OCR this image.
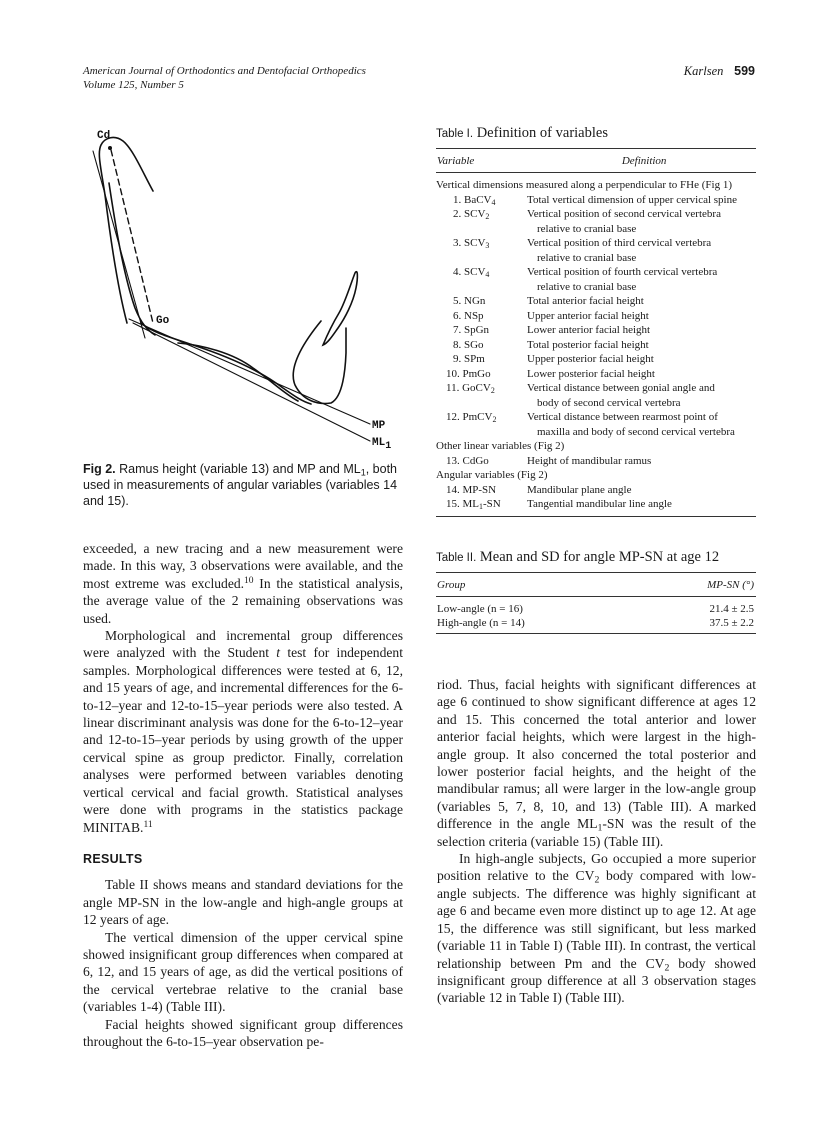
American Journal of Orthodontics and Dentofacial Orthopedics
Volume 125, Number 5
Karlsen 599
Cd
Go
MP
ML1
Fig 2. Ramus height (variable 13) and MP and $ML_1$, both used in measurements of angular variables (variables 14 and 15).
Table I. Definition of variables
Variable	Definition
Vertical dimensions measured along a perpendicular to FHe (Fig 1)
1. BaCV$_4$	Total vertical dimension of upper cervical spine
2. $SCV_2$	Vertical position of second cervical vertebra
relative to cranial base
3. $SCV_3$	Vertical position of third cervical vertebra
relative to cranial base
4. $SCV_4$	Vertical position of fourth cervical vertebra
relative to cranial base
5. NGn	Total anterior facial height
6. NSp	Upper anterior facial height
7. SpGn	Lower anterior facial height
8. SGo	Total posterior facial height
9. SPm	Upper posterior facial height
10. PmGo	Lower posterior facial height
11. GoCV$_2$	Vertical distance between gonial angle and
body of second cervical vertebra
12. PmCV$_2$	Vertical distance between rearmost point of
maxilla and body of second cervical vertebra
Other linear variables (Fig 2)
13. CdGo	Height of mandibular ramus
Angular variables (Fig 2)
14. MP-SN	Mandibular plane angle
15. $ML_1-SN$	Tangential mandibular line angle
Table II. Mean and SD for angle MP-SN at age 12
Group	MP-SN (°)
Low-angle (n = 16)	21.4 ± 2.5
High-angle (n = 14)	37.5 ± 2.2

exceeded, a new tracing and a new measurement were made. In this way, 3 observations were available, and the most extreme was excluded.$^{10}$ In the statistical analysis, the average value of the 2 remaining observations was used.

Morphological and incremental group differences were analyzed with the Student t test for independent samples. Morphological differences were tested at 6, 12, and 15 years of age, and incremental differences for the 6-to-12–year and 12-to-15–year periods were also tested. A linear discriminant analysis was done for the 6-to-12–year and 12-to-15–year periods by using growth of the upper cervical spine as group predictor. Finally, correlation analyses were performed between variables denoting vertical cervical and facial growth. Statistical analyses were done with programs in the statistics package MINITAB.$^{11}$

RESULTS

Table II shows means and standard deviations for the angle MP-SN in the low-angle and high-angle groups at 12 years of age.

The vertical dimension of the upper cervical spine showed insignificant group differences when compared at 6, 12, and 15 years of age, as did the vertical positions of the cervical vertebrae relative to the cranial base (variables 1-4) (Table III).

Facial heights showed significant group differences throughout the 6-to-15–year observation pe-

riod. Thus, facial heights with significant differences at age 6 continued to show significant difference at ages 12 and 15. This concerned the total anterior and lower anterior facial heights, which were largest in the high-angle group. It also concerned the total posterior and lower posterior facial heights, and the height of the mandibular ramus; all were larger in the low-angle group (variables 5, 7, 8, 10, and 13) (Table III). A marked difference in the angle $ML_1-SN$ was the result of the selection criteria (variable 15) (Table III).

In high-angle subjects, Go occupied a more superior position relative to the $CV_2$ body compared with low-angle subjects. The difference was highly significant at age 6 and became even more distinct up to age 12. At age 15, the difference was still significant, but less marked (variable 11 in Table I) (Table III). In contrast, the vertical relationship between Pm and the $CV_2$ body showed insignificant group difference at all 3 observation stages (variable 12 in Table I) (Table III).
